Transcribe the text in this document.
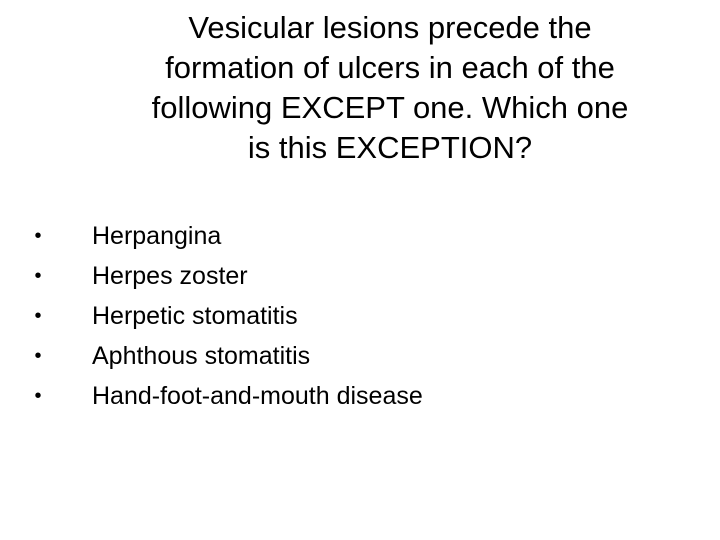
Vesicular lesions precede the
formation of ulcers in each of the
following EXCEPT one. Which one
is this EXCEPTION?
• Herpangina
• Herpes zoster
• Herpetic stomatitis
• Aphthous stomatitis
• Hand-foot-and-mouth disease
